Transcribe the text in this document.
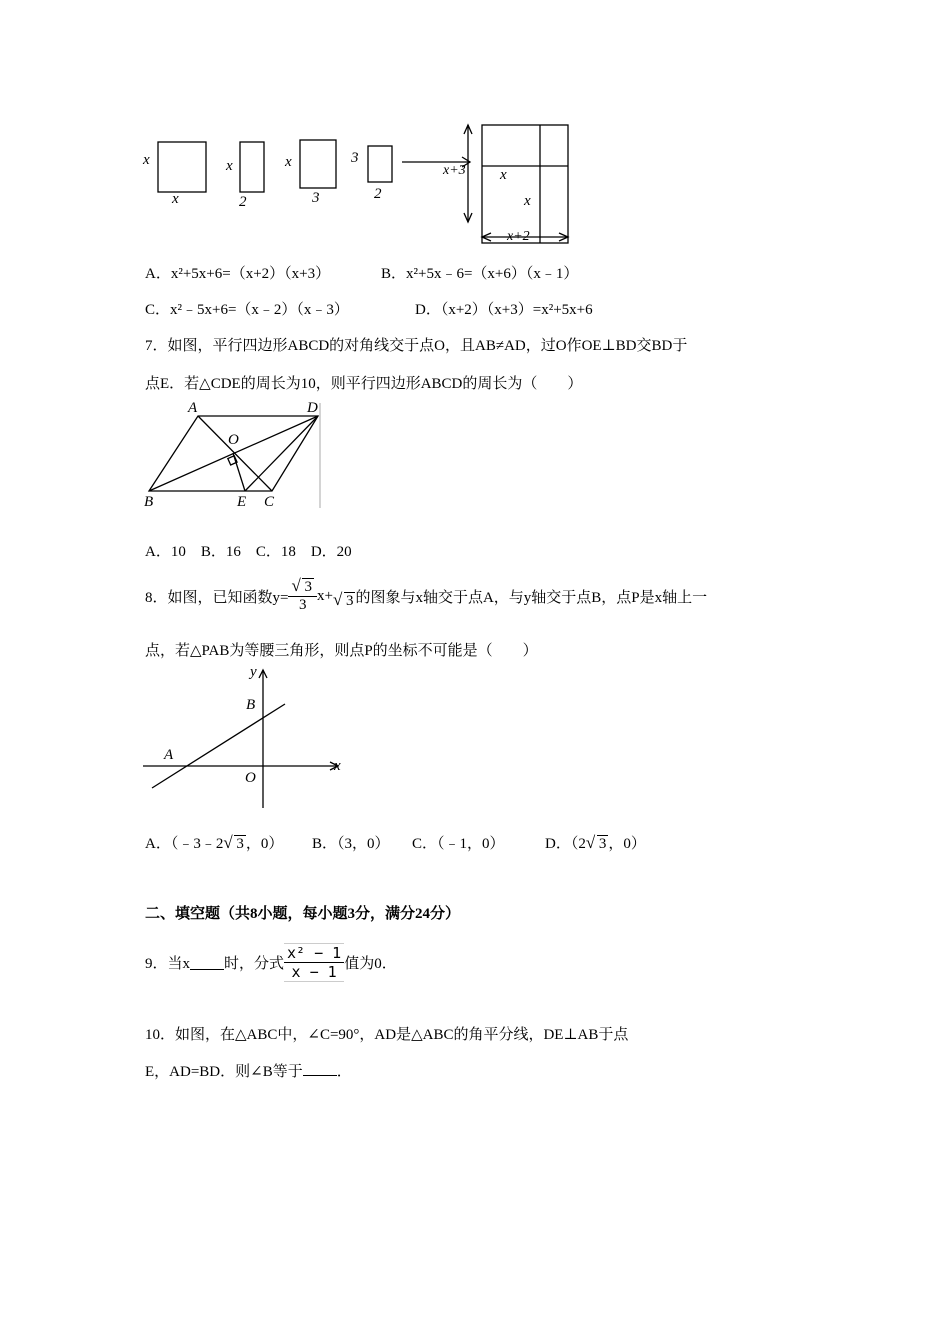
x
x
x
2
x
3
3
2
x+3 x
x
x+2
A．x²+5x+6=（x+2）（x+3）	B．x²+5x﹣6=（x+6）（x﹣1）
C．x²﹣5x+6=（x﹣2）（x﹣3）	D．（x+2）（x+3）=x²+5x+6
7．如图，平行四边形ABCD的对角线交于点O，且AB≠AD，过O作OE⊥BD交BD于
点E．若△CDE的周长为10，则平行四边形ABCD的周长为（　　）
A	D
O
B	E C
A．10　B．16　C．18　D．20
8．如图，已知函数$y= \frac{√ 3}{3} x+$ √ 3 的图象与x轴交于点A，与y轴交于点B，点P是x轴上一
点，若△PAB为等腰三角形，则点P的坐标不可能是（　　）
y
B
A
O
x
A．（﹣3﹣2 √ 3 ，0） B．（3，0） C．（﹣1，0）	D．（2 √ 3 ，0）
二、填空题（共8小题，每小题3分，满分24分）
9．当x 时，分式 $\frac{\text{x² − 1}}{x - 1}$ 值为0．
10．如图，在△ABC中，∠C=90°，AD是△ABC的角平分线，DE⊥AB于点
E，AD=BD．则∠B等于 ．
